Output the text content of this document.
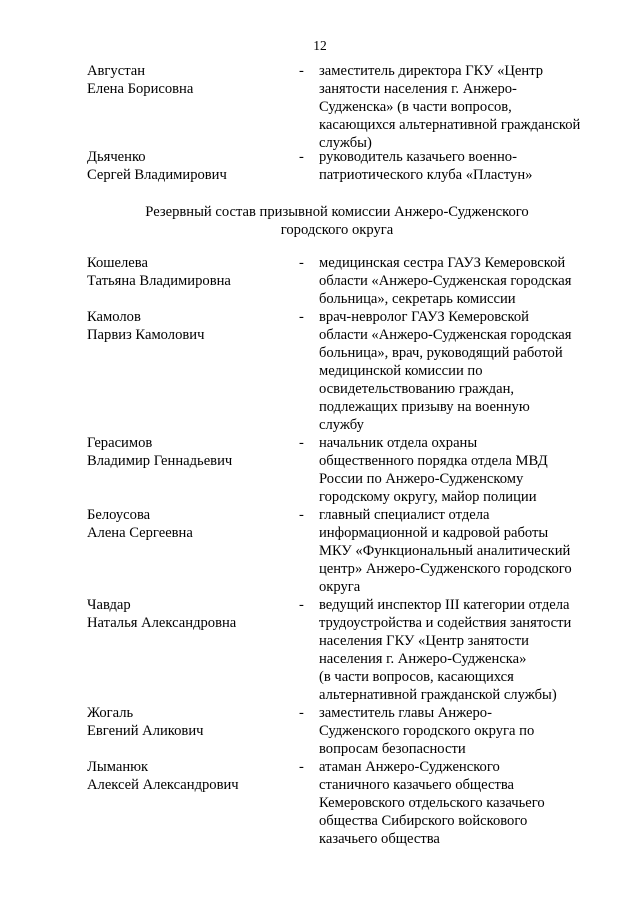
12
Августан
Елена Борисовна
- заместитель директора ГКУ «Центр
занятости населения г. Анжеро-
Судженска» (в части вопросов,
касающихся альтернативной гражданской
службы)
Дьяченко
Сергей Владимирович
- руководитель казачьего военно-
патриотического клуба «Пластун»
Резервный состав призывной комиссии Анжеро-Судженского
городского округа
Кошелева
Татьяна Владимировна
- медицинская сестра ГАУЗ Кемеровской
области «Анжеро-Судженская городская
больница», секретарь комиссии
Камолов
Парвиз Камолович
- врач-невролог ГАУЗ Кемеровской
области «Анжеро-Судженская городская
больница», врач, руководящий работой
медицинской комиссии по
освидетельствованию граждан,
подлежащих призыву на военную
службу
Герасимов
Владимир Геннадьевич
- начальник отдела охраны
общественного порядка отдела МВД
России по Анжеро-Судженскому
городскому округу, майор полиции
Белоусова
Алена Сергеевна
- главный специалист отдела
информационной и кадровой работы
МКУ «Функциональный аналитический
центр» Анжеро-Судженского городского
округа
Чавдар
Наталья Александровна
- ведущий инспектор III категории отдела
трудоустройства и содействия занятости
населения ГКУ «Центр занятости
населения г. Анжеро-Судженска»
(в части вопросов, касающихся
альтернативной гражданской службы)
Жогаль
Евгений Аликович
- заместитель главы Анжеро-
Судженского городского округа по
вопросам безопасности
Лыманюк
Алексей Александрович
- атаман Анжеро-Судженского
станичного казачьего общества
Кемеровского отдельского казачьего
общества Сибирского войскового
казачьего общества
